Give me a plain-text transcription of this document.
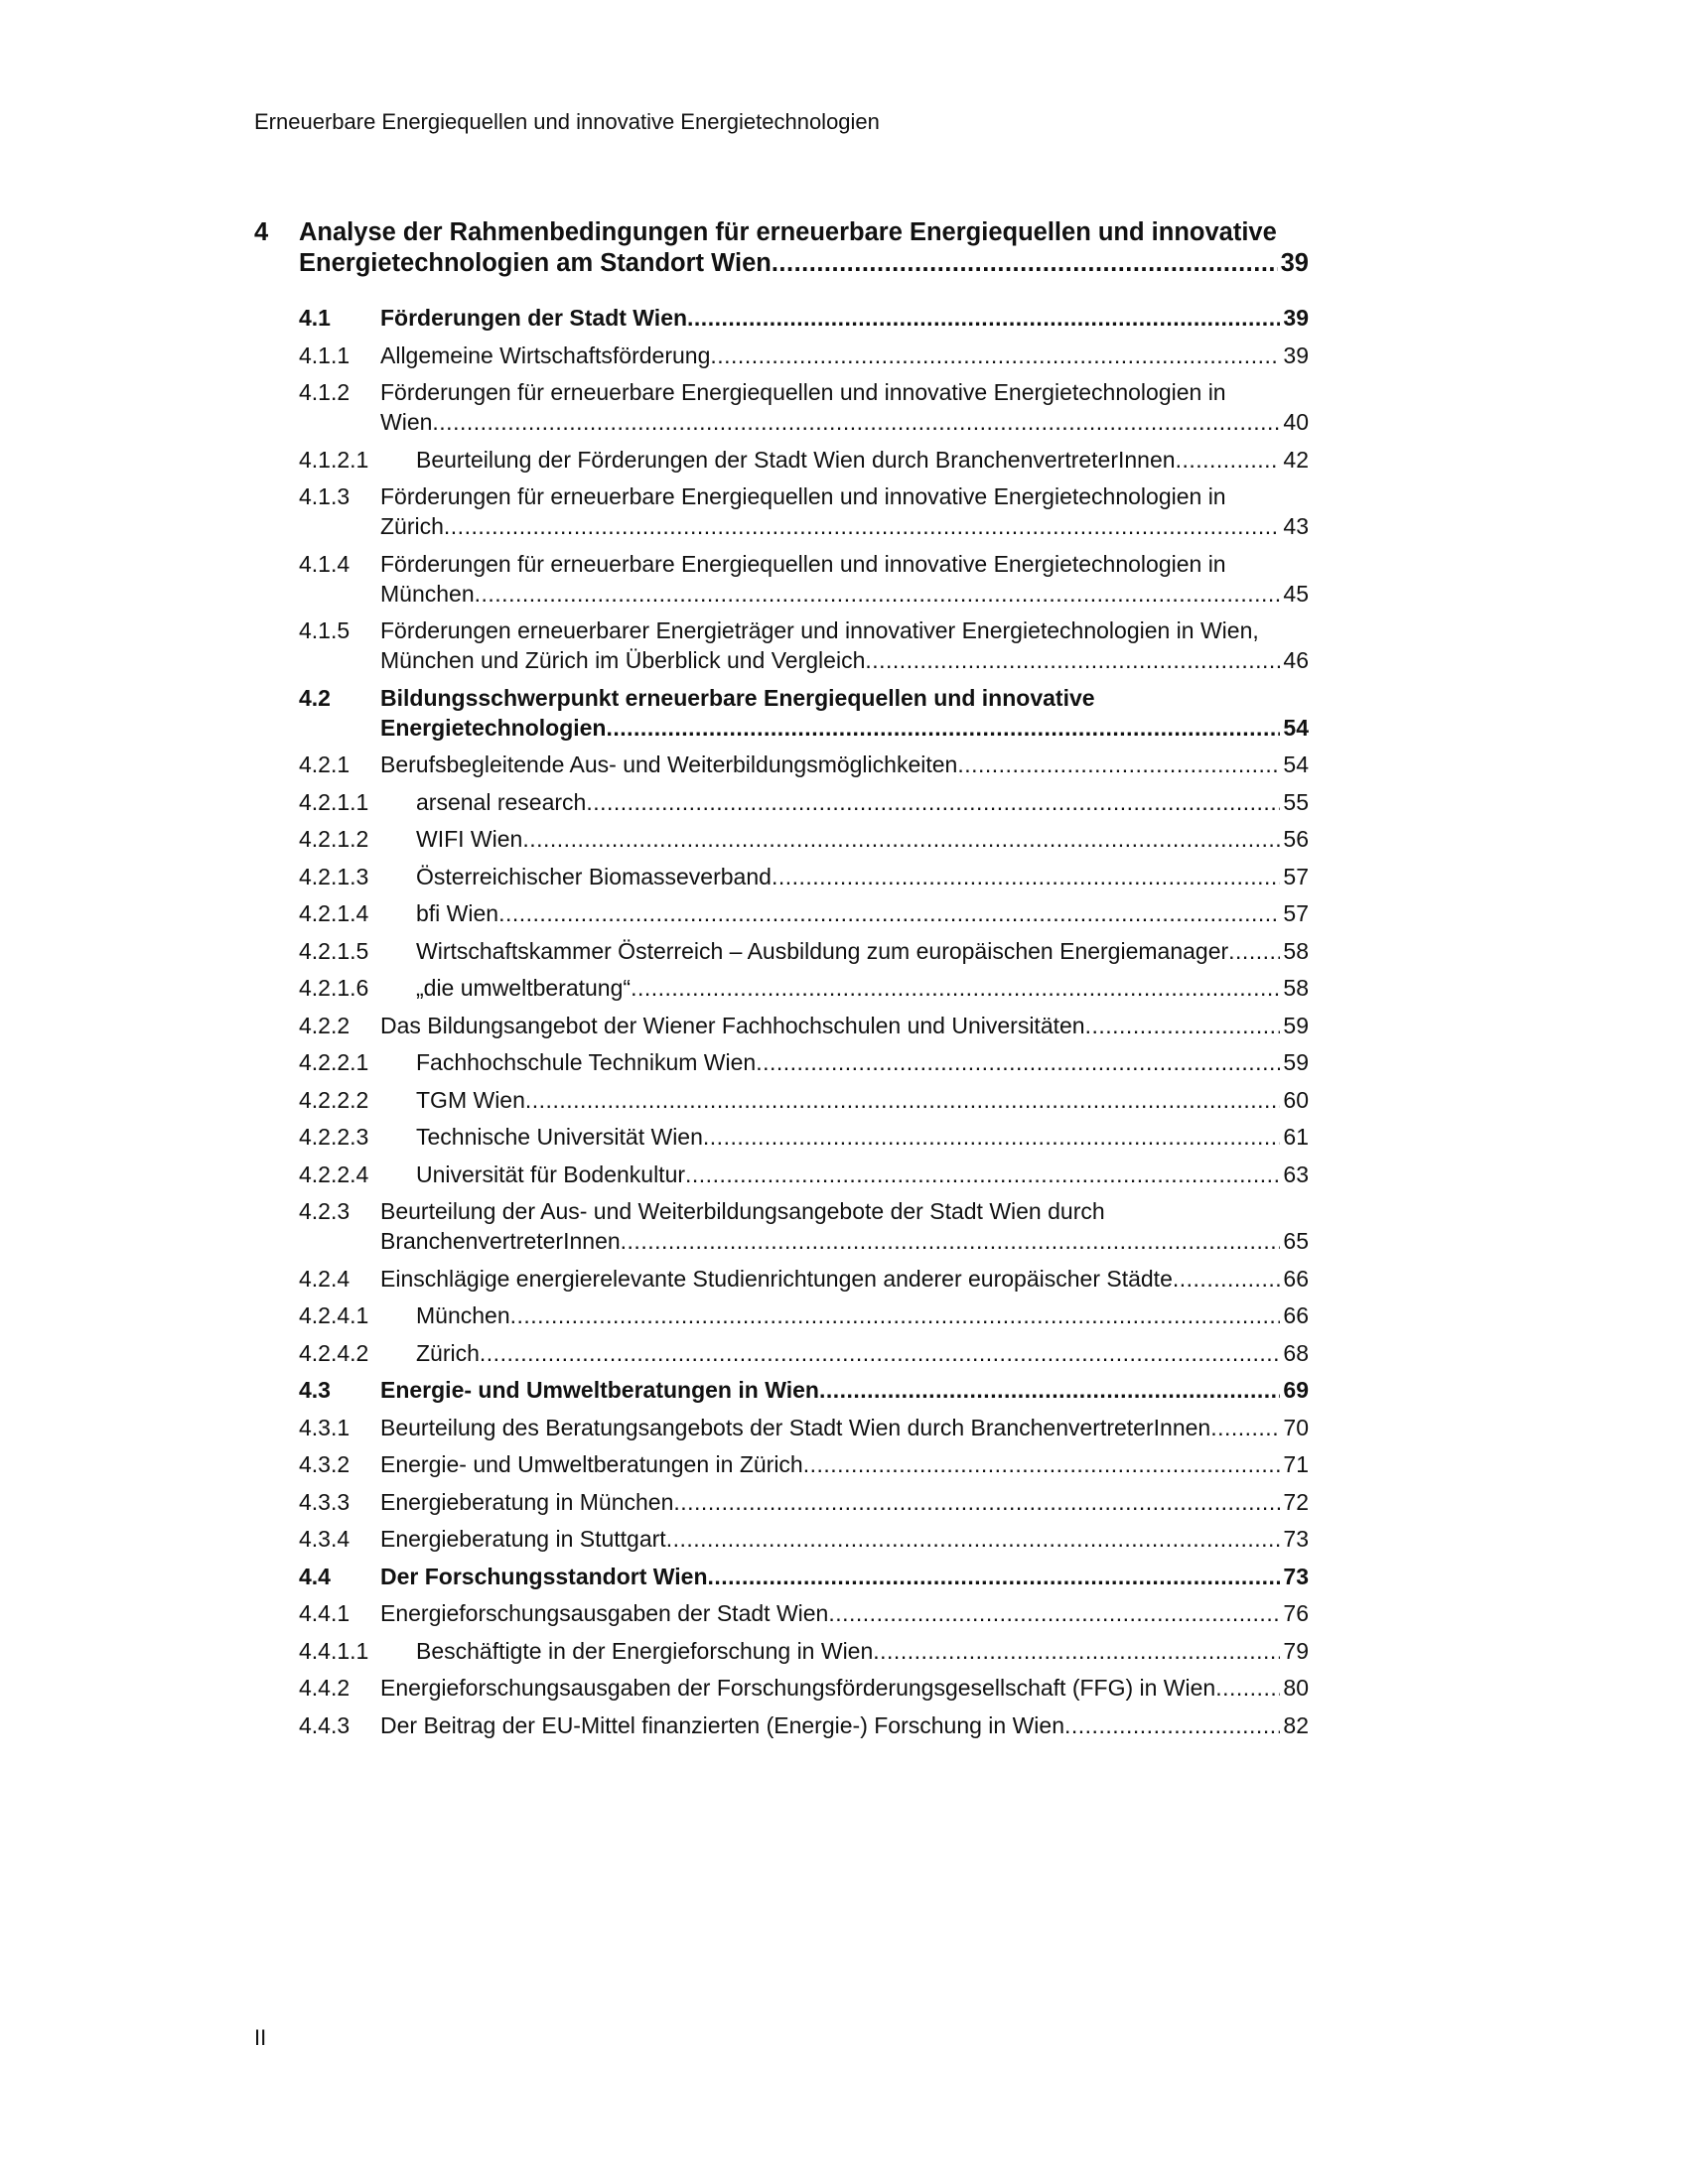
Erneuerbare Energiequellen und innovative Energietechnologien
4	Analyse der Rahmenbedingungen für erneuerbare Energiequellen und innovative Energietechnologien am Standort Wien .....	39
4.1	Förderungen der Stadt Wien .....	39
4.1.1	Allgemeine Wirtschaftsförderung .....	39
4.1.2	Förderungen für erneuerbare Energiequellen und innovative Energietechnologien in Wien .....	40
4.1.2.1	Beurteilung der Förderungen der Stadt Wien durch BranchenvertreterInnen .....	42
4.1.3	Förderungen für erneuerbare Energiequellen und innovative Energietechnologien in Zürich .....	43
4.1.4	Förderungen für erneuerbare Energiequellen und innovative Energietechnologien in München .....	45
4.1.5	Förderungen erneuerbarer Energieträger und innovativer Energietechnologien in Wien, München und Zürich im Überblick und Vergleich .....	46
4.2	Bildungsschwerpunkt erneuerbare Energiequellen und innovative Energietechnologien .....	54
4.2.1	Berufsbegleitende Aus- und Weiterbildungsmöglichkeiten .....	54
4.2.1.1	arsenal research .....	55
4.2.1.2	WIFI Wien .....	56
4.2.1.3	Österreichischer Biomasseverband .....	57
4.2.1.4	bfi Wien .....	57
4.2.1.5	Wirtschaftskammer Österreich – Ausbildung zum europäischen Energiemanager ..... 58
4.2.1.6	„die umweltberatung“ .....	58
4.2.2	Das Bildungsangebot der Wiener Fachhochschulen und Universitäten .....	59
4.2.2.1	Fachhochschule Technikum Wien .....	59
4.2.2.2	TGM Wien .....	60
4.2.2.3	Technische Universität Wien .....	61
4.2.2.4	Universität für Bodenkultur .....	63
4.2.3	Beurteilung der Aus- und Weiterbildungsangebote der Stadt Wien durch BranchenvertreterInnen .....	65
4.2.4	Einschlägige energierelevante Studienrichtungen anderer europäischer Städte .....	66
4.2.4.1	München .....	66
4.2.4.2	Zürich .....	68
4.3	Energie- und Umweltberatungen in Wien .....	69
4.3.1	Beurteilung des Beratungsangebots der Stadt Wien durch BranchenvertreterInnen .....	70
4.3.2	Energie- und Umweltberatungen in Zürich .....	71
4.3.3	Energieberatung in München .....	72
4.3.4	Energieberatung in Stuttgart .....	73
4.4	Der Forschungsstandort Wien .....	73
4.4.1	Energieforschungsausgaben der Stadt Wien .....	76
4.4.1.1	Beschäftigte in der Energieforschung in Wien .....	79
4.4.2	Energieforschungsausgaben der Forschungsförderungsgesellschaft (FFG) in Wien .....	80
4.4.3	Der Beitrag der EU-Mittel finanzierten (Energie-) Forschung in Wien .....	82
II
